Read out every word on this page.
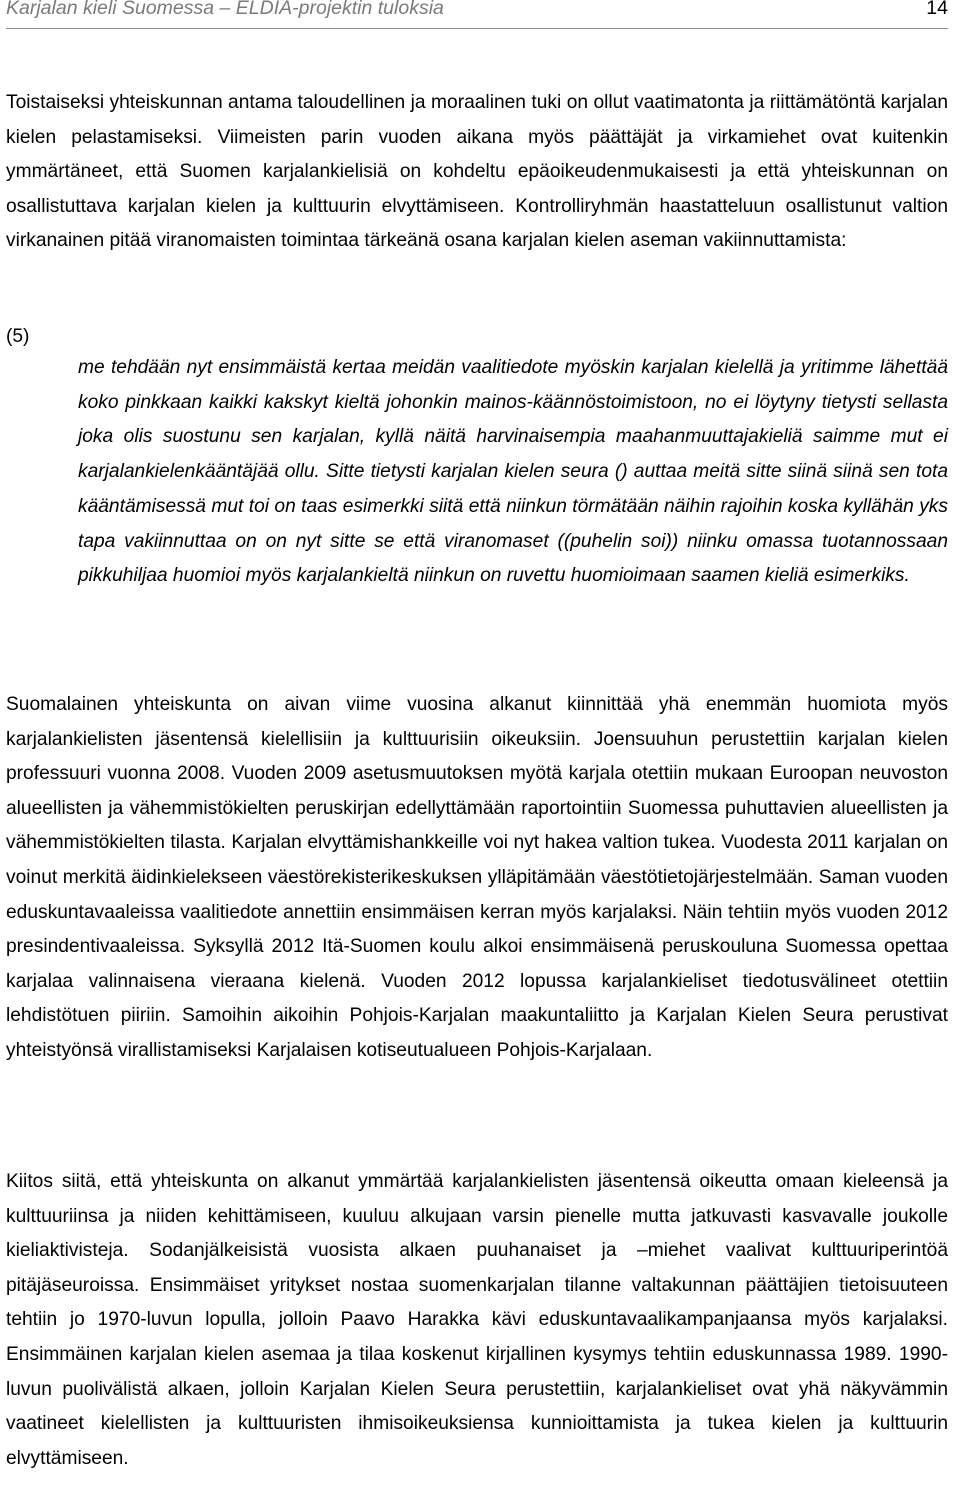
Karjalan kieli Suomessa – ELDIA-projektin tuloksia	14

Toistaiseksi yhteiskunnan antama taloudellinen ja moraalinen tuki on ollut vaatimatonta ja riittämätöntä karjalan kielen pelastamiseksi. Viimeisten parin vuoden aikana myös päättäjät ja virkamiehet ovat kuitenkin ymmärtäneet, että Suomen karjalankielisiä on kohdeltu epäoikeudenmukaisesti ja että yhteiskunnan on osallistuttava karjalan kielen ja kulttuurin elvyttämiseen. Kontrolliryhmän haastatteluun osallistunut valtion virkanainen pitää viranomaisten toimintaa tärkeänä osana karjalan kielen aseman vakiinnuttamista:

(5)

me tehdään nyt ensimmäistä kertaa meidän vaalitiedote myöskin karjalan kielellä ja yritimme lähettää koko pinkkaan kaikki kakskyt kieltä johonkin mainos-käännöstoimistoon, no ei löytyny tietysti sellasta joka olis suostunu sen karjalan, kyllä näitä harvinaisempia maahanmuuttajakieliä saimme mut ei karjalankielenkääntäjää ollu. Sitte tietysti karjalan kielen seura () auttaa meitä sitte siinä siinä sen tota kääntämisessä mut toi on taas esimerkki siitä että niinkun törmätään näihin rajoihin koska kyllähän yks tapa vakiinnuttaa on on nyt sitte se että viranomaset ((puhelin soi)) niinku omassa tuotannossaan pikkuhiljaa huomioi myös karjalankieltä niinkun on ruvettu huomioimaan saamen kieliä esimerkiks.

Suomalainen yhteiskunta on aivan viime vuosina alkanut kiinnittää yhä enemmän huomiota myös karjalankielisten jäsentensä kielellisiin ja kulttuurisiin oikeuksiin. Joensuuhun perustettiin karjalan kielen professuuri vuonna 2008. Vuoden 2009 asetusmuutoksen myötä karjala otettiin mukaan Euroopan neuvoston alueellisten ja vähemmistökielten peruskirjan edellyttämään raportointiin Suomessa puhuttavien alueellisten ja vähemmistökielten tilasta. Karjalan elvyttämishankkeille voi nyt hakea valtion tukea. Vuodesta 2011 karjalan on voinut merkitä äidinkielekseen väestörekisterikeskuksen ylläpitämään väestötietojärjestelmään. Saman vuoden eduskuntavaaleissa vaalitiedote annettiin ensimmäisen kerran myös karjalaksi. Näin tehtiin myös vuoden 2012 presindentivaaleissa. Syksyllä 2012 Itä-Suomen koulu alkoi ensimmäisenä peruskouluna Suomessa opettaa karjalaa valinnaisena vieraana kielenä. Vuoden 2012 lopussa karjalankieliset tiedotusvälineet otettiin lehdistötuen piiriin. Samoihin aikoihin Pohjois-Karjalan maakuntaliitto ja Karjalan Kielen Seura perustivat yhteistyönsä virallistamiseksi Karjalaisen kotiseutualueen Pohjois-Karjalaan.

Kiitos siitä, että yhteiskunta on alkanut ymmärtää karjalankielisten jäsentensä oikeutta omaan kieleensä ja kulttuuriinsa ja niiden kehittämiseen, kuuluu alkujaan varsin pienelle mutta jatkuvasti kasvavalle joukolle kieliaktivisteja. Sodanjälkeisistä vuosista alkaen puuhanaiset ja –miehet vaalivat kulttuuriperintöä pitäjäseuroissa. Ensimmäiset yritykset nostaa suomenkarjalan tilanne valtakunnan päättäjien tietoisuuteen tehtiin jo 1970-luvun lopulla, jolloin Paavo Harakka kävi eduskuntavaalikampanjaansa myös karjalaksi. Ensimmäinen karjalan kielen asemaa ja tilaa koskenut kirjallinen kysymys tehtiin eduskunnassa 1989. 1990-luvun puolivälistä alkaen, jolloin Karjalan Kielen Seura perustettiin, karjalankieliset ovat yhä näkyvämmin vaatineet kielellisten ja kulttuuristen ihmisoikeuksiensa kunnioittamista ja tukea kielen ja kulttuurin elvyttämiseen.
